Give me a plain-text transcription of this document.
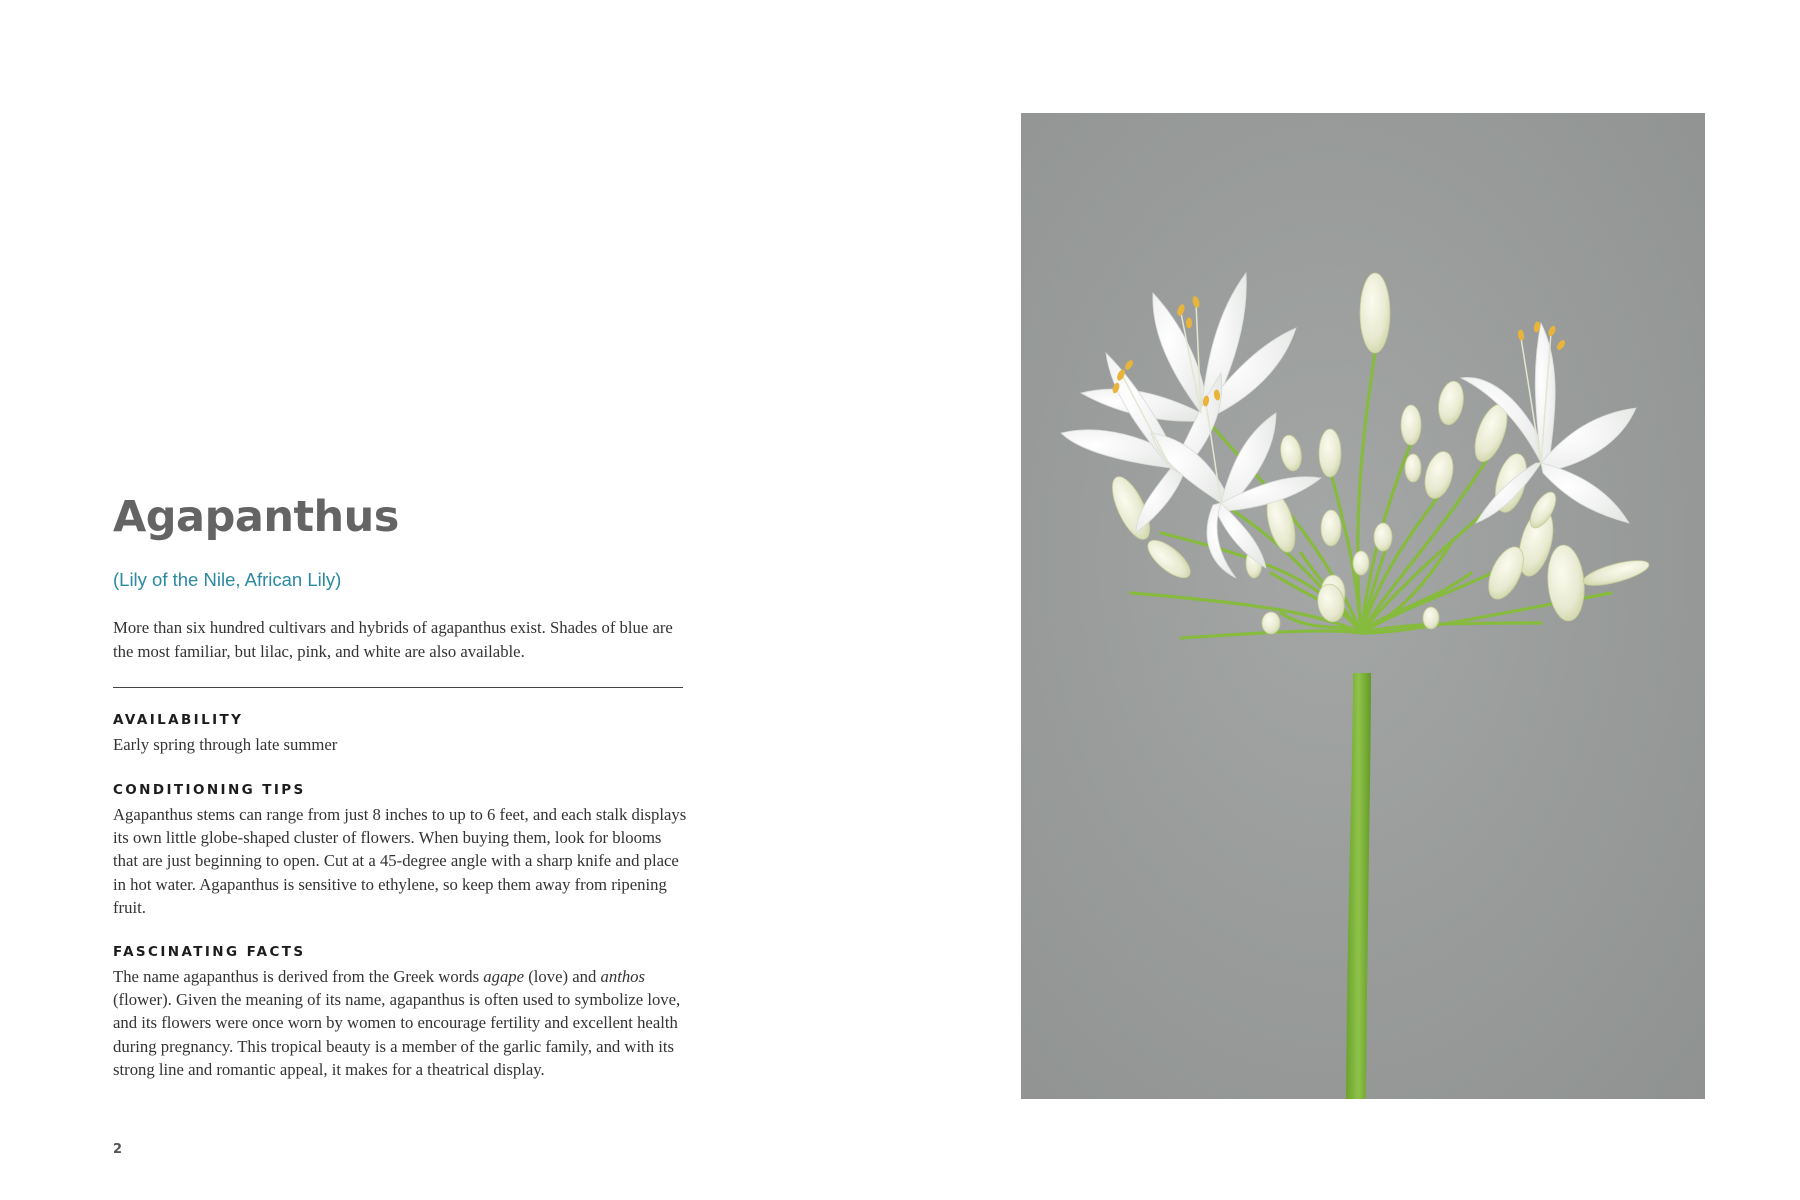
Agapanthus

(Lily of the Nile, African Lily)

More than six hundred cultivars and hybrids of agapanthus exist. Shades of blue are the most familiar, but lilac, pink, and white are also available.

AVAILABILITY

Early spring through late summer

CONDITIONING TIPS

Agapanthus stems can range from just 8 inches to up to 6 feet, and each stalk displays its own little globe-shaped cluster of flowers. When buying them, look for blooms that are just beginning to open. Cut at a 45-degree angle with a sharp knife and place in hot water. Agapanthus is sensitive to ethylene, so keep them away from ripening fruit.

FASCINATING FACTS

The name agapanthus is derived from the Greek words agape (love) and anthos (flower). Given the meaning of its name, agapanthus is often used to symbolize love, and its flowers were once worn by women to encourage fertility and excellent health during pregnancy. This tropical beauty is a member of the garlic family, and with its strong line and romantic appeal, it makes for a theatrical display.

2
